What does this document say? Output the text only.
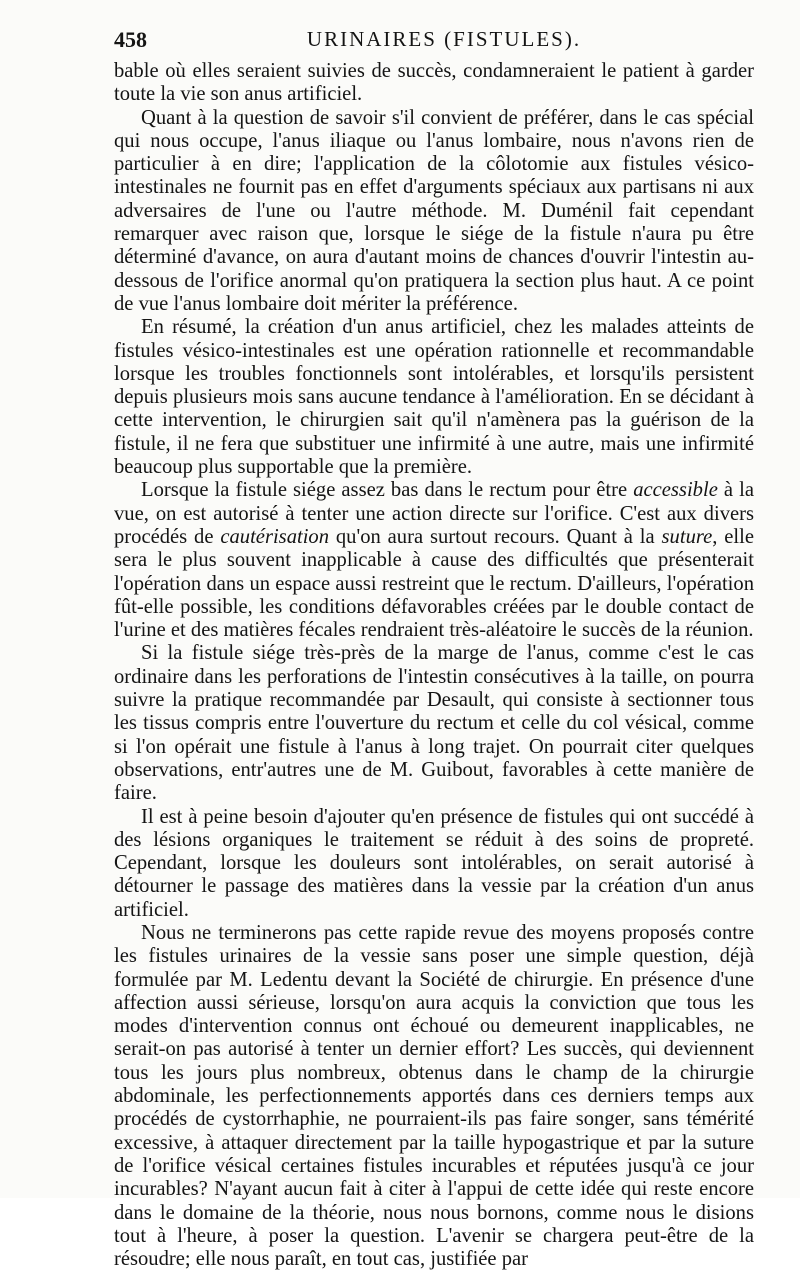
458	URINAIRES (FISTULES).

bable où elles seraient suivies de succès, condamneraient le patient à garder toute la vie son anus artificiel.

Quant à la question de savoir s'il convient de préférer, dans le cas spécial qui nous occupe, l'anus iliaque ou l'anus lombaire, nous n'avons rien de particulier à en dire; l'application de la côlotomie aux fistules vésico-intestinales ne fournit pas en effet d'arguments spéciaux aux partisans ni aux adversaires de l'une ou l'autre méthode. M. Duménil fait cependant remarquer avec raison que, lorsque le siége de la fistule n'aura pu être déterminé d'avance, on aura d'autant moins de chances d'ouvrir l'intestin au-dessous de l'orifice anormal qu'on pratiquera la section plus haut. A ce point de vue l'anus lombaire doit mériter la préférence.

En résumé, la création d'un anus artificiel, chez les malades atteints de fistules vésico-intestinales est une opération rationnelle et recommandable lorsque les troubles fonctionnels sont intolérables, et lorsqu'ils persistent depuis plusieurs mois sans aucune tendance à l'amélioration. En se décidant à cette intervention, le chirurgien sait qu'il n'amènera pas la guérison de la fistule, il ne fera que substituer une infirmité à une autre, mais une infirmité beaucoup plus supportable que la première.

Lorsque la fistule siége assez bas dans le rectum pour être accessible à la vue, on est autorisé à tenter une action directe sur l'orifice. C'est aux divers procédés de cautérisation qu'on aura surtout recours. Quant à la suture, elle sera le plus souvent inapplicable à cause des difficultés que présenterait l'opération dans un espace aussi restreint que le rectum. D'ailleurs, l'opération fût-elle possible, les conditions défavorables créées par le double contact de l'urine et des matières fécales rendraient très-aléatoire le succès de la réunion.

Si la fistule siége très-près de la marge de l'anus, comme c'est le cas ordinaire dans les perforations de l'intestin consécutives à la taille, on pourra suivre la pratique recommandée par Desault, qui consiste à sectionner tous les tissus compris entre l'ouverture du rectum et celle du col vésical, comme si l'on opérait une fistule à l'anus à long trajet. On pourrait citer quelques observations, entr'autres une de M. Guibout, favorables à cette manière de faire.

Il est à peine besoin d'ajouter qu'en présence de fistules qui ont succédé à des lésions organiques le traitement se réduit à des soins de propreté. Cependant, lorsque les douleurs sont intolérables, on serait autorisé à détourner le passage des matières dans la vessie par la création d'un anus artificiel.

Nous ne terminerons pas cette rapide revue des moyens proposés contre les fistules urinaires de la vessie sans poser une simple question, déjà formulée par M. Ledentu devant la Société de chirurgie. En présence d'une affection aussi sérieuse, lorsqu'on aura acquis la conviction que tous les modes d'intervention connus ont échoué ou demeurent inapplicables, ne serait-on pas autorisé à tenter un dernier effort? Les succès, qui deviennent tous les jours plus nombreux, obtenus dans le champ de la chirurgie abdominale, les perfectionnements apportés dans ces derniers temps aux procédés de cystorrhaphie, ne pourraient-ils pas faire songer, sans témérité excessive, à attaquer directement par la taille hypogastrique et par la suture de l'orifice vésical certaines fistules incurables et réputées jusqu'à ce jour incurables? N'ayant aucun fait à citer à l'appui de cette idée qui reste encore dans le domaine de la théorie, nous nous bornons, comme nous le disions tout à l'heure, à poser la question. L'avenir se chargera peut-être de la résoudre; elle nous paraît, en tout cas, justifiée par
